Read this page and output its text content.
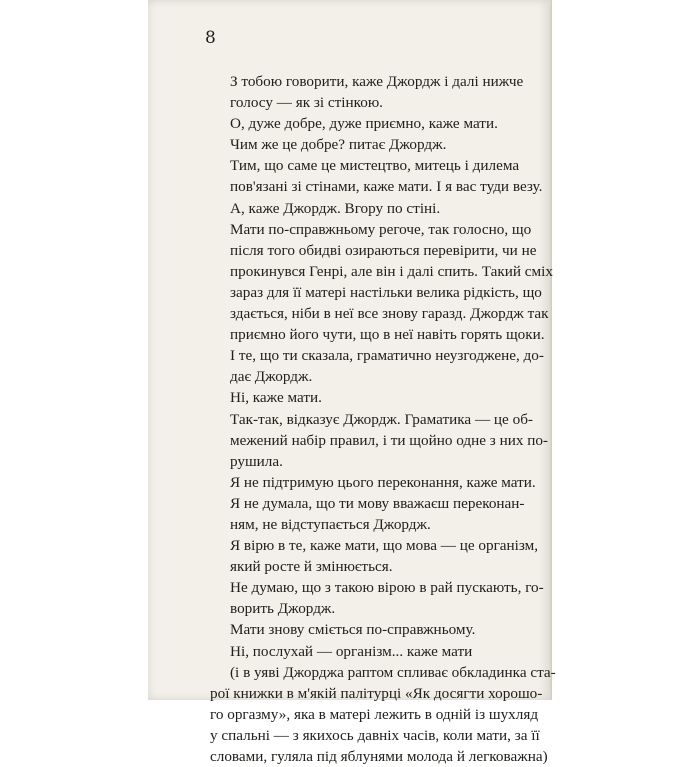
8

З тобою говорити, каже Джордж і далі нижче
голосу — як зі стінкою.

О, дуже добре, дуже приємно, каже мати.

Чим же це добре? питає Джордж.

Тим, що саме це мистецтво, митець і дилема
пов'язані зі стінами, каже мати. І я вас туди везу.

А, каже Джордж. Вгору по стіні.

Мати по-справжньому регоче, так голосно, що
після того обидві озираються перевірити, чи не
прокинувся Генрі, але він і далі спить. Такий сміх
зараз для її матері настільки велика рідкість, що
здається, ніби в неї все знову гаразд. Джордж так
приємно його чути, що в неї навіть горять щоки.

І те, що ти сказала, граматично неузгоджене, до-
дає Джордж.

Ні, каже мати.

Так-так, відказує Джордж. Граматика — це об-
межений набір правил, і ти щойно одне з них по-
рушила.

Я не підтримую цього переконання, каже мати.

Я не думала, що ти мову вважаєш переконан-
ням, не відступається Джордж.

Я вірю в те, каже мати, що мова — це організм,
який росте й змінюється.

Не думаю, що з такою вірою в рай пускають, го-
ворить Джордж.

Мати знову сміється по-справжньому.

Ні, послухай — організм... каже мати

(і в уяві Джорджа раптом спливає обкладинка ста-
рої книжки в м'якій палітурці «Як досягти хорошо-
го оргазму», яка в матері лежить в одній із шухляд
у спальні — з якихось давніх часів, коли мати, за її
словами, гуляла під яблунями молода й легковажна)
